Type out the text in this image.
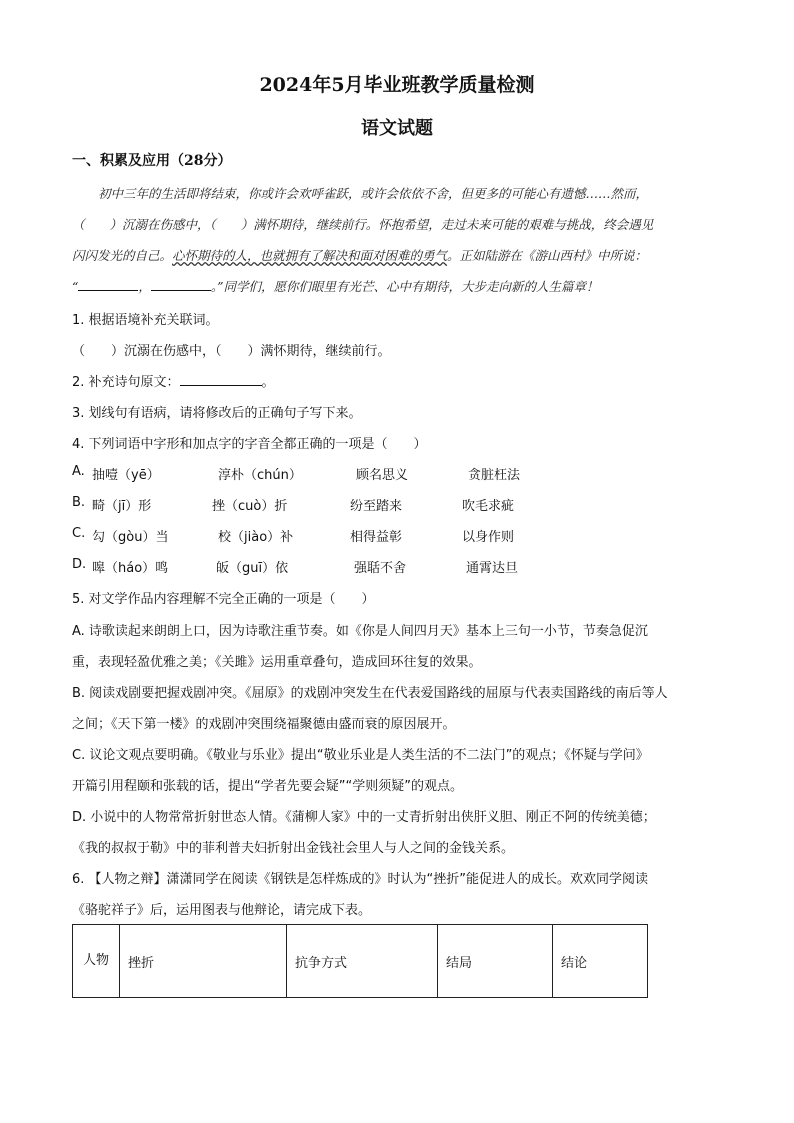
2024年5月毕业班教学质量检测
语文试题
一、积累及应用（28分）
初中三年的生活即将结束，你或许会欢呼雀跃，或许会依依不舍，但更多的可能心有遗憾……然而，
（　　）沉溺在伤感中，（　　）满怀期待，继续前行。怀抱希望，走过未来可能的艰难与挑战，终会遇见
闪闪发光的自己。心怀期待的人，也就拥有了解决和面对困难的勇气。正如陆游在《游山西村》中所说：
“	，	。”同学们，愿你们眼里有光芒、心中有期待，大步走向新的人生篇章！
1. 根据语境补充关联词。
（　　）沉溺在伤感中，（　　）满怀期待，继续前行。
2. 补充诗句原文：	。
3. 划线句有语病，请将修改后的正确句子写下来。
4. 下列词语中字形和加点字的字音全都正确的一项是（　　）
A. 抽噎（yē）	淳朴（chún）	顾名思义	贪脏枉法
B. 畸（jī）形	挫（cuò）折	纷至踏来	吹毛求疵
C. 勾（gòu）当	校（jiào）补	相得益彰	以身作则
D. 嗥（háo）鸣	皈（guī）依	强聒不舍	通霄达旦
5. 对文学作品内容理解不完全正确的一项是（　　）
A. 诗歌读起来朗朗上口，因为诗歌注重节奏。如《你是人间四月天》基本上三句一小节，节奏急促沉
重，表现轻盈优雅之美；《关雎》运用重章叠句，造成回环往复的效果。
B. 阅读戏剧要把握戏剧冲突。《屈原》的戏剧冲突发生在代表爱国路线的屈原与代表卖国路线的南后等人
之间；《天下第一楼》的戏剧冲突围绕福聚德由盛而衰的原因展开。
C. 议论文观点要明确。《敬业与乐业》提出“敬业乐业是人类生活的不二法门”的观点；《怀疑与学问》
开篇引用程颐和张载的话，提出“学者先要会疑”“学则须疑”的观点。
D. 小说中的人物常常折射世态人情。《蒲柳人家》中的一丈青折射出侠肝义胆、刚正不阿的传统美德；
《我的叔叔于勒》中的菲利普夫妇折射出金钱社会里人与人之间的金钱关系。
6. 【人物之辩】潇潇同学在阅读《钢铁是怎样炼成的》时认为“挫折”能促进人的成长。欢欢同学阅读
《骆驼祥子》后，运用图表与他辩论，请完成下表。
人物	挫折	抗争方式	结局	结论
